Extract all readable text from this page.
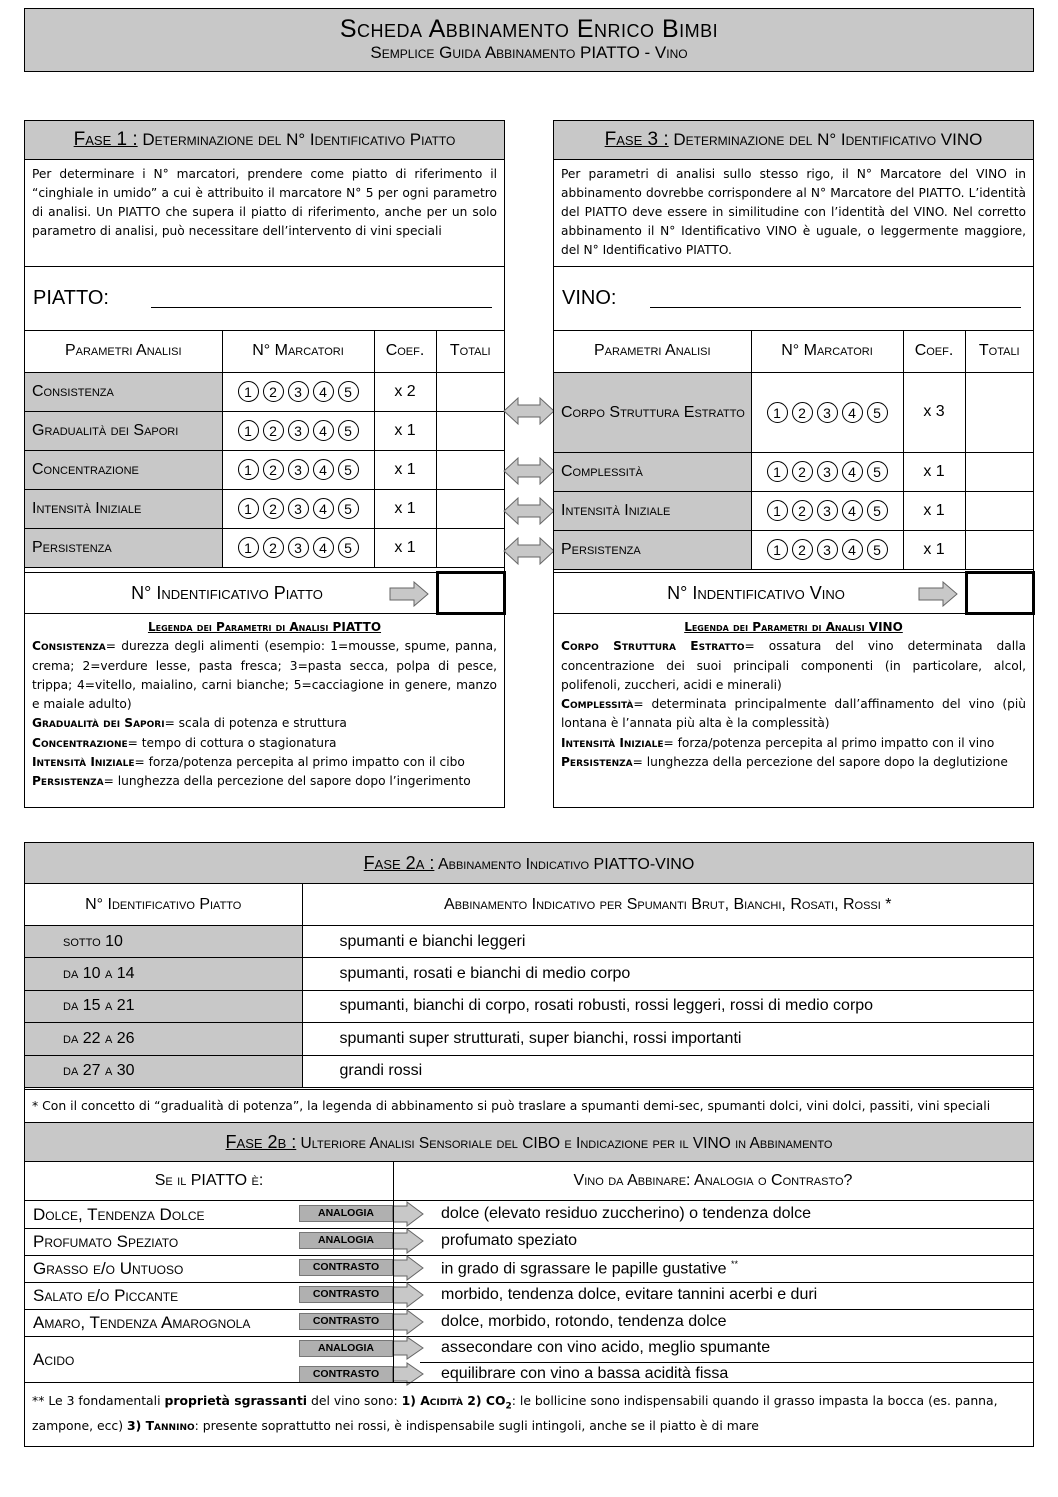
Scheda Abbinamento Enrico Bimbi
Semplice Guida Abbinamento PIATTO - Vino
Fase 1 : Determinazione del N° Identificativo Piatto
Per determinare i N° marcatori, prendere come piatto di riferimento il “cinghiale in umido” a cui è attribuito il marcatore N° 5 per ogni parametro di analisi. Un PIATTO che supera il piatto di riferimento, anche per un solo parametro di analisi, può necessitare dell’intervento di vini speciali
PIATTO:
Parametri Analisi	N° Marcatori	Coef.	Totali
Consistenza	1 2 3 4 5	x 2	
Gradualità dei Sapori	1 2 3 4 5	x 1	
Concentrazione	1 2 3 4 5	x 1	
Intensità Iniziale	1 2 3 4 5	x 1	
Persistenza	1 2 3 4 5	x 1	
N° Indentificativo Piatto
Legenda dei Parametri di Analisi PIATTO

Consistenza= durezza degli alimenti (esempio: 1=mousse, spume, panna, crema; 2=verdure lesse, pasta fresca; 3=pasta secca, polpa di pesce, trippa; 4=vitello, maialino, carni bianche; 5=cacciagione in genere, manzo e maiale adulto)

Gradualità dei Sapori= scala di potenza e struttura

Concentrazione= tempo di cottura o stagionatura

Intensità Iniziale= forza/potenza percepita al primo impatto con il cibo

Persistenza= lunghezza della percezione del sapore dopo l’ingerimento

Fase 3 : Determinazione del N° Identificativo VINO
Per parametri di analisi sullo stesso rigo, il N° Marcatore del VINO in abbinamento dovrebbe corrispondere al N° Marcatore del PIATTO. L’identità del PIATTO deve essere in similitudine con l’identità del VINO. Nel corretto abbinamento il N° Identificativo VINO è uguale, o leggermente maggiore, del N° Identificativo PIATTO.
VINO:
Parametri Analisi	N° Marcatori	Coef.	Totali
Corpo Struttura Estratto	1 2 3 4 5	x 3	
Complessità	1 2 3 4 5	x 1	
Intensità Iniziale	1 2 3 4 5	x 1	
Persistenza	1 2 3 4 5	x 1	
N° Indentificativo Vino
Legenda dei Parametri di Analisi VINO

Corpo Struttura Estratto= ossatura del vino determinata dalla concentrazione dei suoi principali componenti (in particolare, alcol, polifenoli, zuccheri, acidi e minerali)

Complessità= determinata principalmente dall’affinamento del vino (più lontana è l’annata più alta è la complessità)

Intensità Iniziale= forza/potenza percepita al primo impatto con il vino

Persistenza= lunghezza della percezione del sapore dopo la deglutizione

Fase 2a : Abbinamento Indicativo PIATTO-VINO
N° Identificativo Piatto	Abbinamento Indicativo per Spumanti Brut, Bianchi, Rosati, Rossi *
sotto 10	spumanti e bianchi leggeri
da 10 a 14	spumanti, rosati e bianchi di medio corpo
da 15 a 21	spumanti, bianchi di corpo, rosati robusti, rossi leggeri, rossi di medio corpo
da 22 a 26	spumanti super strutturati, super bianchi, rossi importanti
da 27 a 30	grandi rossi
* Con il concetto di “gradualità di potenza”, la legenda di abbinamento si può traslare a spumanti demi-sec, spumanti dolci, vini dolci, passiti, vini speciali
Fase 2b : Ulteriore Analisi Sensoriale del CIBO e Indicazione per il VINO in Abbinamento
Se il PIATTO è:	Vino da Abbinare: Analogia o Contrasto?
Dolce, Tendenza Dolce	ANALOGIA	dolce (elevato residuo zuccherino) o tendenza dolce
Profumato Speziato	ANALOGIA	profumato speziato
Grasso e/o Untuoso	CONTRASTO	in grado di sgrassare le papille gustative **
Salato e/o Piccante	CONTRASTO	morbido, tendenza dolce, evitare tannini acerbi e duri
Amaro, Tendenza Amarognola	CONTRASTO	dolce, morbido, rotondo, tendenza dolce
Acido
ANALOGIA	assecondare con vino acido, meglio spumante
CONTRASTO	equilibrare con vino a bassa acidità fissa
** Le 3 fondamentali proprietà sgrassanti del vino sono: 1) Acidità 2) $CO_2$: le bollicine sono indispensabili quando il grasso impasta la bocca (es. panna, zampone, ecc) 3) Tannino: presente soprattutto nei rossi, è indispensabile sugli intingoli, anche se il piatto è di mare
